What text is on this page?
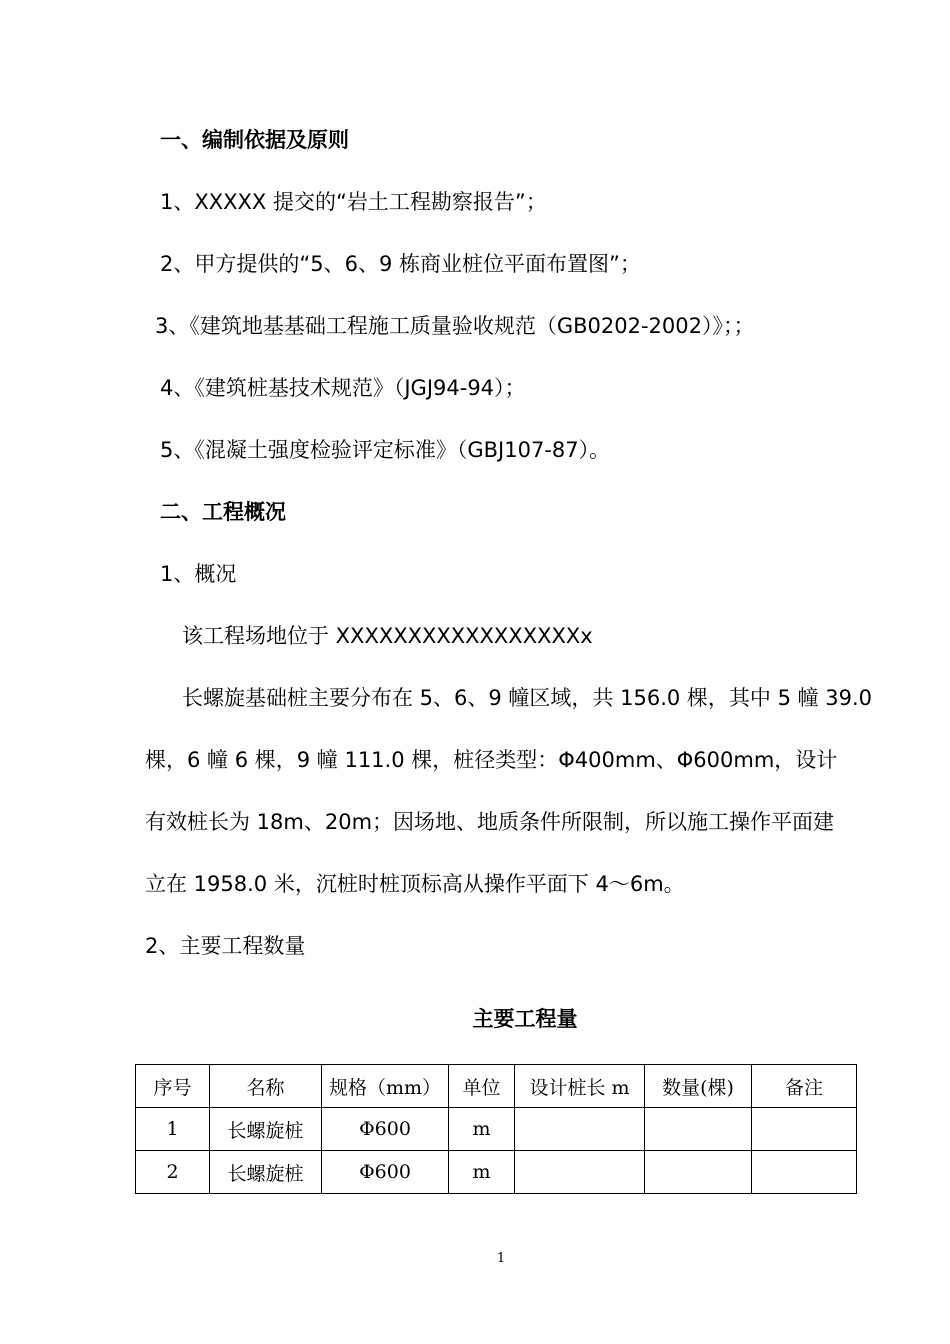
一、编制依据及原则
1、XXXXX 提交的“岩土工程勘察报告”；
2、甲方提供的“5、6、9 栋商业桩位平面布置图”；
3、《建筑地基基础工程施工质量验收规范（GB0202-2002）》；；
4、《建筑桩基技术规范》（JGJ94-94）；
5、《混凝土强度检验评定标准》（GBJ107-87）。
二、工程概况
1、概况
该工程场地位于 XXXXXXXXXXXXXXXXXx
长螺旋基础桩主要分布在 5、6、9 幢区域，共 156.0 棵，其中 5 幢 39.0
棵，6 幢 6 棵，9 幢 111.0 棵，桩径类型：Φ400mm、Φ600mm，设计
有效桩长为 18m、20m；因场地、地质条件所限制，所以施工操作平面建
立在 1958.0 米，沉桩时桩顶标高从操作平面下 4～6m。
2、主要工程数量
主要工程量
序号	名称	规格（mm）	单位	设计桩长 m	数量(棵)	备注
1	长螺旋桩	Φ600	m			
2	长螺旋桩	Φ600	m			
1
